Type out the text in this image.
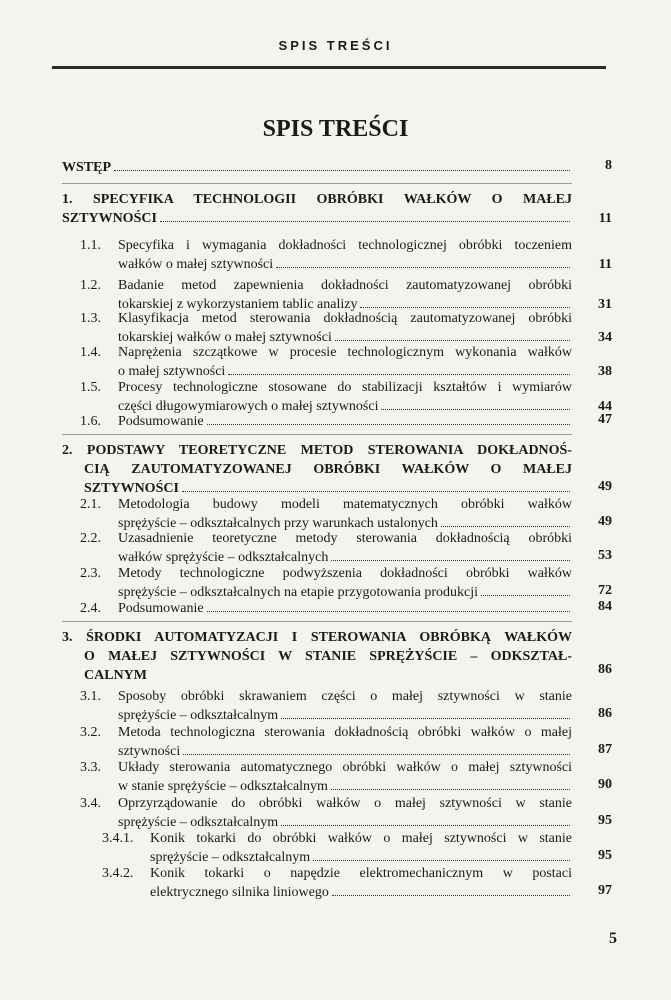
SPIS TREŚCI
SPIS TREŚCI
5
WSTĘP	8
1. SPECYFIKA TECHNOLOGII OBRÓBKI WAŁKÓW O MAŁEJ
SZTYWNOŚCI	11
1.1. Specyfika i wymagania dokładności technologicznej obróbki toczeniem
wałków o małej sztywności	11
1.2. Badanie metod zapewnienia dokładności zautomatyzowanej obróbki
tokarskiej z wykorzystaniem tablic analizy	31
1.3. Klasyfikacja metod sterowania dokładnością zautomatyzowanej obróbki
tokarskiej wałków o małej sztywności	34
1.4. Naprężenia szczątkowe w procesie technologicznym wykonania wałków
o małej sztywności	38
1.5. Procesy technologiczne stosowane do stabilizacji kształtów i wymiarów
części długowymiarowych o małej sztywności	44
1.6. Podsumowanie	47
2. PODSTAWY TEORETYCZNE METOD STEROWANIA DOKŁADNOŚ-
CIĄ ZAUTOMATYZOWANEJ OBRÓBKI WAŁKÓW O MAŁEJ
SZTYWNOŚCI	49
2.1. Metodologia budowy modeli matematycznych obróbki wałków
sprężyście – odkształcalnych przy warunkach ustalonych	49
2.2. Uzasadnienie teoretyczne metody sterowania dokładnością obróbki
wałków sprężyście – odkształcalnych	53
2.3. Metody technologiczne podwyższenia dokładności obróbki wałków
sprężyście – odkształcalnych na etapie przygotowania produkcji	72
2.4. Podsumowanie	84
3. ŚRODKI AUTOMATYZACJI I STEROWANIA OBRÓBKĄ WAŁKÓW
O MAŁEJ SZTYWNOŚCI W STANIE SPRĘŻYŚCIE – ODKSZTAŁ-
CALNYM	86
3.1. Sposoby obróbki skrawaniem części o małej sztywności w stanie
sprężyście – odkształcalnym	86
3.2. Metoda technologiczna sterowania dokładnością obróbki wałków o małej
sztywności	87
3.3. Układy sterowania automatycznego obróbki wałków o małej sztywności
w stanie sprężyście – odkształcalnym	90
3.4. Oprzyrządowanie do obróbki wałków o małej sztywności w stanie
sprężyście – odkształcalnym	95
3.4.1. Konik tokarki do obróbki wałków o małej sztywności w stanie
sprężyście – odkształcalnym	95
3.4.2. Konik tokarki o napędzie elektromechanicznym w postaci
elektrycznego silnika liniowego	97
